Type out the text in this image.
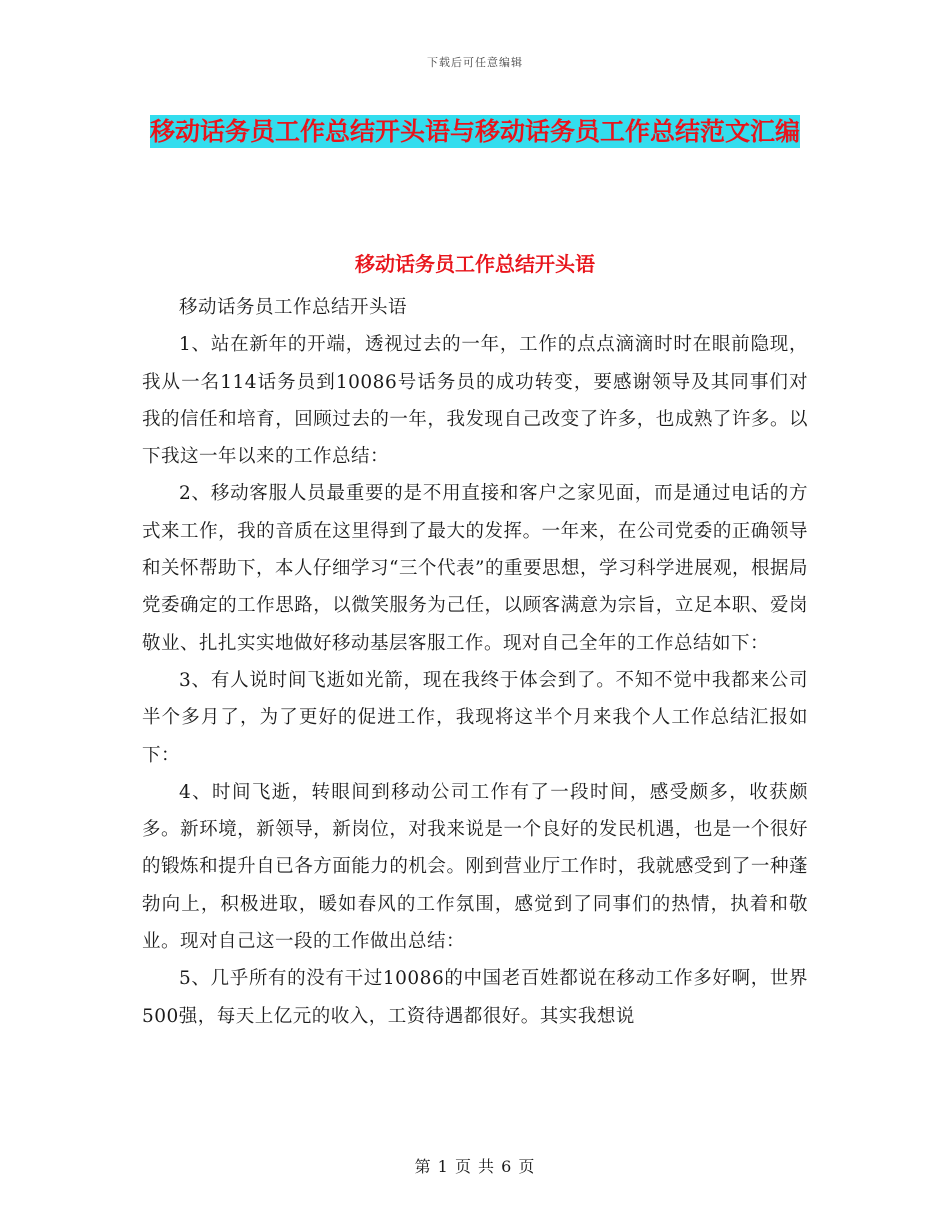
下载后可任意编辑
移动话务员工作总结开头语与移动话务员工作总结范文汇编
移动话务员工作总结开头语

移动话务员工作总结开头语

1、站在新年的开端，透视过去的一年，工作的点点滴滴时时在眼前隐现，我从一名114话务员到10086号话务员的成功转变，要感谢领导及其同事们对我的信任和培育，回顾过去的一年，我发现自己改变了许多，也成熟了许多。以下我这一年以来的工作总结：

2、移动客服人员最重要的是不用直接和客户之家见面，而是通过电话的方式来工作，我的音质在这里得到了最大的发挥。一年来，在公司党委的正确领导和关怀帮助下，本人仔细学习“三个代表”的重要思想，学习科学进展观，根据局党委确定的工作思路，以微笑服务为己任，以顾客满意为宗旨，立足本职、爱岗敬业、扎扎实实地做好移动基层客服工作。现对自己全年的工作总结如下：

3、有人说时间飞逝如光箭，现在我终于体会到了。不知不觉中我都来公司半个多月了，为了更好的促进工作，我现将这半个月来我个人工作总结汇报如下：

4、时间飞逝，转眼间到移动公司工作有了一段时间，感受颇多，收获颇多。新环境，新领导，新岗位，对我来说是一个良好的发民机遇，也是一个很好的锻炼和提升自已各方面能力的机会。刚到营业厅工作时，我就感受到了一种蓬勃向上，积极进取，暖如春风的工作氛围，感觉到了同事们的热情，执着和敬业。现对自己这一段的工作做出总结：

5、几乎所有的没有干过10086的中国老百姓都说在移动工作多好啊，世界500强，每天上亿元的收入，工资待遇都很好。其实我想说

第 1 页 共 6 页
